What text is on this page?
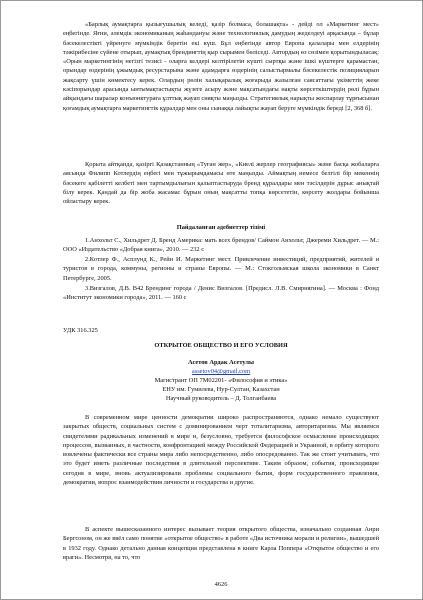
«Барлық аумақтарға қызығушылық келеді, қазір болмаса, болашақта» - дейді ол «Маркетинг мест» еңбегінде. Яғни, әлемдік экономиканың жаһандануы және технологиялық дамудың жеделдеуі арқасында – бұлар бәсекелестікті үйренуге мүмкіндік беретін екі күш. Бұл еңбегінде автор Европа қалалары мен елдерінің тәжірибесіне сүйене отырып, аумақтық брендингтің қыр сырымен бөліседі. Автордың өз сөзімен қорытындыласақ: «Орын маркетингінің негізгі тезисі - оларға келдері келтірілетін күшті сыртқы және ішкі күштерге қарамастан, орындар өздерінің ұжымдық ресурстарына және адамдарға өздерінің салыстырмалы бәсекелестік позицияларын жақсарту үшін көмектесу керек. Олардың рөлін халықаралық жоғарыда жазылған саясаттағы үкіметтің жеке кәсіпорындар арасында ынтымақтастықты жүзеге асыру және мақсатындағы нақты көрсеткіштердің рөлі бұрын айқындағы шаралар конъюнктураға ұлттық жауап сияқты маңызды. Стратегиялық нарықты жоспарлау тұрғысынан қоғамдық аумақтарға маркетингтік құралдар мен оны сынаққа лайықты жауап беруге мүмкіндік береді [2, 368 б].
Қорыта айтқанда, қазіргі Қазақстанның «Туған жер», «Киелі жерлер географиясы» және басқа жобаларға аясында Филипп Котлердің еңбегі мен тұжырымдамасы өте маңызды. Аймақтың немесе белгілі бір мекеннің бәсекеге қабілетті келбеті мен тартымдылығын қалыптастыруда бренд құралдары мен тәсілдерін дұрыс анықтай білу керек. Қандай да бір жоба жасамас бұрын оның мақсатты топқа көрсететін, көрсету жолдары бойынша ойластыру керек.
Пайдаланған әдебиеттер тізімі
1.Анхольт С., Хильдрет Д. Бренд Америка: мать всех брендов/ Саймон Анхольт, Джереми Хильдрет. — М.: ООО «Издательство «Добрая книга», 2010. — 232 с
2.Котлер Ф., Асплунд К., Рейн И. Маркетинг мест. Привлечение инвестиций, предприятий, жителей и туристов в города, коммуны, регионы и страны Европы. — М.: Стокгольмская школа экономики в Санкт Петербурге, 2005.
3.Визгалов, Д.В. В42 Брендинг города / Денис Визгалов. [Предисл. Л.В. Смирнягина]. — Москва : Фонд «Институт экономики города», 2011. — 160 с
УДК 316.325
ОТКРЫТОЕ ОБЩЕСТВО И ЕГО УСЛОВИЯ
Асетов Ардак Асетулы
assetov04@gmail.com
Магистрант ОП 7М02201- «Философия и этика»
ЕНУ им. Гумилева, Нур-Султан, Казахстан
Научный руководитель – Д. Толганбаева
В современном мире ценности демократии широко распространяются, однако немало существуют закрытых обществ, социальных систем с доминированием черт тоталитаризма, авторитаризма. Мы являемся свидетелями радикальных изменений в мире и, безусловно, требуется философское осмысление происходящих процессов, вызванных, в частности, конфронтацией между Российской Федерацией и Украиной, в орбиту которого вовлечены фактически все страны мира либо непосредственно, либо опосредованно. Так же стоит учитывать, что это будет иметь различные последствия в длительной перспективе. Таким образом, события, происходящие сегодня в мире, вновь актуализировали проблемы социального бытия, форм государственного правления, демократии, вопрос взаимодействия личности и государства и другие.
В аспекте вышесказанного интерес вызывает теория открытого общества, изначально созданная Анри Бергсоном, он же ввёл само понятие «открытое общество» в работе «Два источника морали и религии», вышедшей в 1932 году. Однако детально данная концепция представлена в книге Карла Поппера «Открытое общество и его враги». Несмотря, на то, что
4626
